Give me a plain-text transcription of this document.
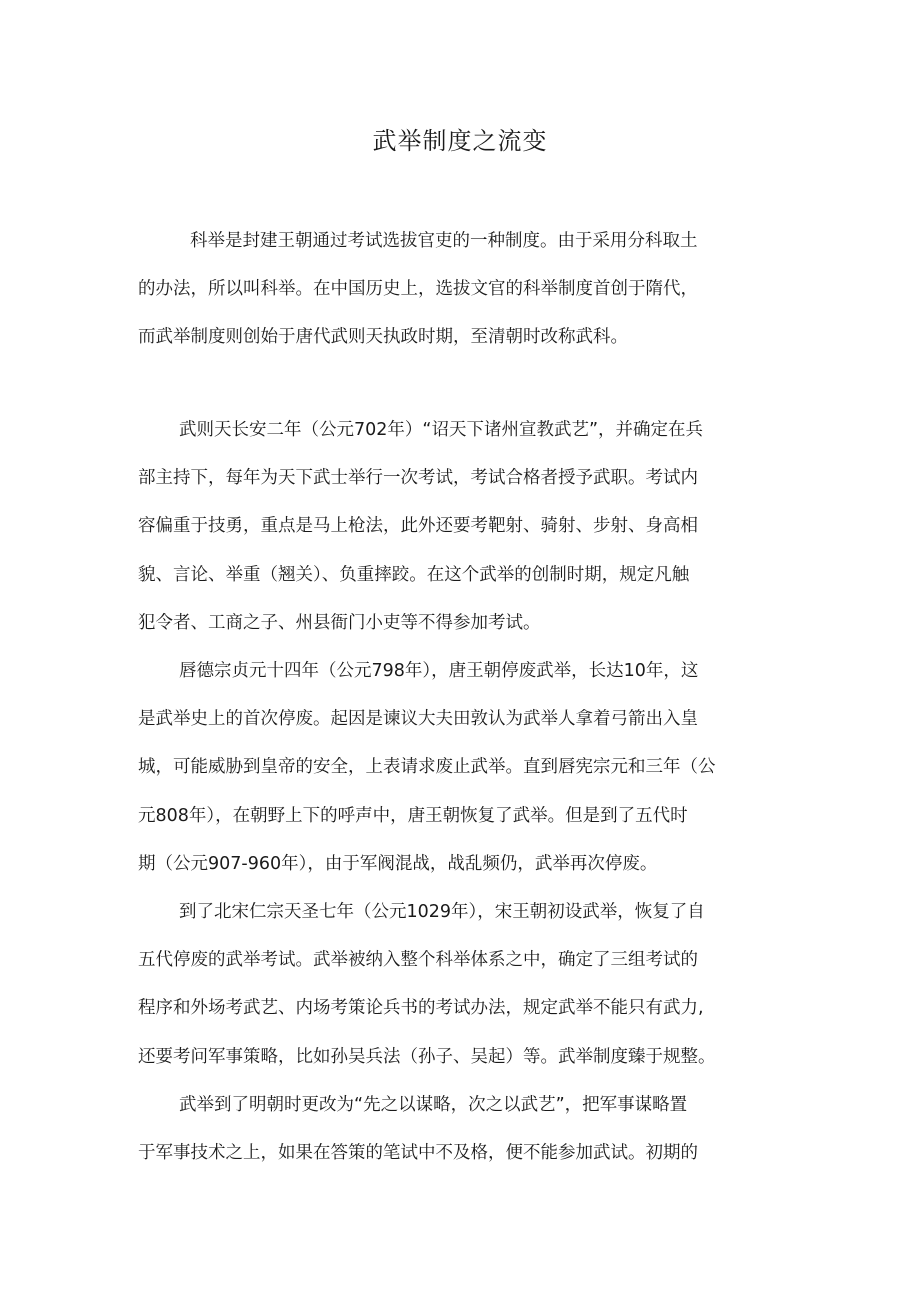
武举制度之流变
科举是封建王朝通过考试选拔官吏的一种制度。由于采用分科取土
的办法，所以叫科举。在中国历史上，选拔文官的科举制度首创于隋代，
而武举制度则创始于唐代武则天执政时期，至清朝时改称武科。
武则天长安二年（公元702年）“诏天下诸州宣教武艺”，并确定在兵
部主持下，每年为天下武士举行一次考试，考试合格者授予武职。考试内
容偏重于技勇，重点是马上枪法，此外还要考靶射、骑射、步射、身高相
貌、言论、举重（翘关）、负重摔跤。在这个武举的创制时期，规定凡触
犯令者、工商之子、州县衙门小吏等不得参加考试。
唇德宗贞元十四年（公元798年），唐王朝停废武举，长达10年，这
是武举史上的首次停废。起因是谏议大夫田敦认为武举人拿着弓箭出入皇
城，可能威胁到皇帝的安全，上表请求废止武举。直到唇宪宗元和三年（公
元808年），在朝野上下的呼声中，唐王朝恢复了武举。但是到了五代时
期（公元907-960年），由于军阀混战，战乱频仍，武举再次停废。
到了北宋仁宗天圣七年（公元1029年），宋王朝初设武举，恢复了自
五代停废的武举考试。武举被纳入整个科举体系之中，确定了三组考试的
程序和外场考武艺、内场考策论兵书的考试办法，规定武举不能只有武力,
还要考问军事策略，比如孙吴兵法（孙子、吴起）等。武举制度臻于规整。
武举到了明朝时更改为“先之以谋略，次之以武艺”，把军事谋略置
于军事技术之上，如果在答策的笔试中不及格，便不能参加武试。初期的
